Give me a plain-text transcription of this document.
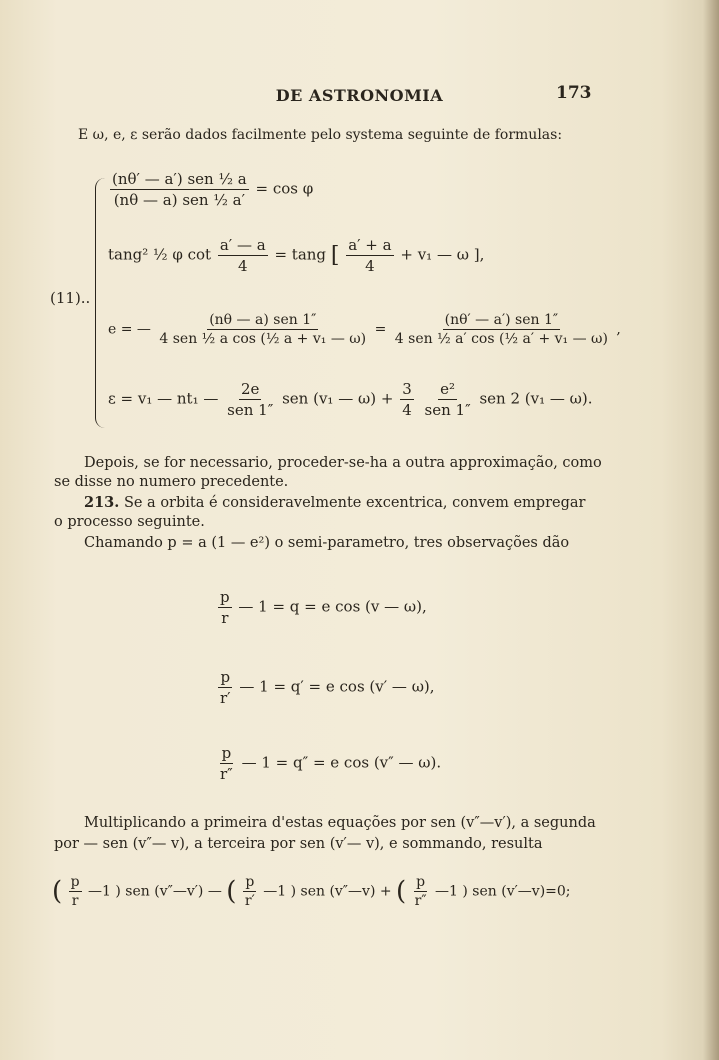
DE ASTRONOMIA	173
E ω, e, ε serão dados facilmente pelo systema seguinte de formulas:
(11)..
$\frac{\text{(nθ′ — a′) sen ½ a}}{\text{(nθ — a) sen ½ a′}} = \cos \varphi$
tang² ½ φ $\cot \frac{a' — a}{4} = \tan g$ [ $\frac{a' + a}{4} + v_1$ — ω ],
e = — $\frac{\text{(nθ — a) sen 1″}}{\text{4 sen ½ a cos (½ a + v₁ — ω)}} = \frac{\text{(nθ′ — a′) sen 1″}}{\text{4 sen ½ a′ cos (½ a′ + v₁ — ω)}}$ ,
ε = v₁ — nt₁ — $\frac{2e}{\text{sen 1″}}$ sen (v₁ — $\omega) + \frac{3}{4}$
$\frac{\text{e²}}{\text{sen 1″}}$ sen 2 (v₁ — ω).
Depois, se for necessario, proceder-se-ha a outra approximação, como
se disse no numero precedente.
213. Se a orbita é consideravelmente excentrica, convem empregar
o processo seguinte.
Chamando p = a (1 — e²) o semi-parametro, tres observações dão
$\frac{p}{r}$ — 1 = q = e cos (v — ω),
$\frac{p}{r'}$ — 1 = q′ = e cos (v′ — ω),
$\frac{p}{r''}$ — 1 = q″ = e cos (v″ — ω).
Multiplicando a primeira d'estas equações por sen (v″—v′), a segunda
por — sen (v″— v), a terceira por sen (v′— v), e sommando, resulta
( $\frac{p}{r}$ —1 ) sen (v″—v′) — ( $\frac{p}{r'}$ —1 ) sen (v″—v) + ( $\frac{p}{r''}$ —1 ) sen (v′—v)=0;
